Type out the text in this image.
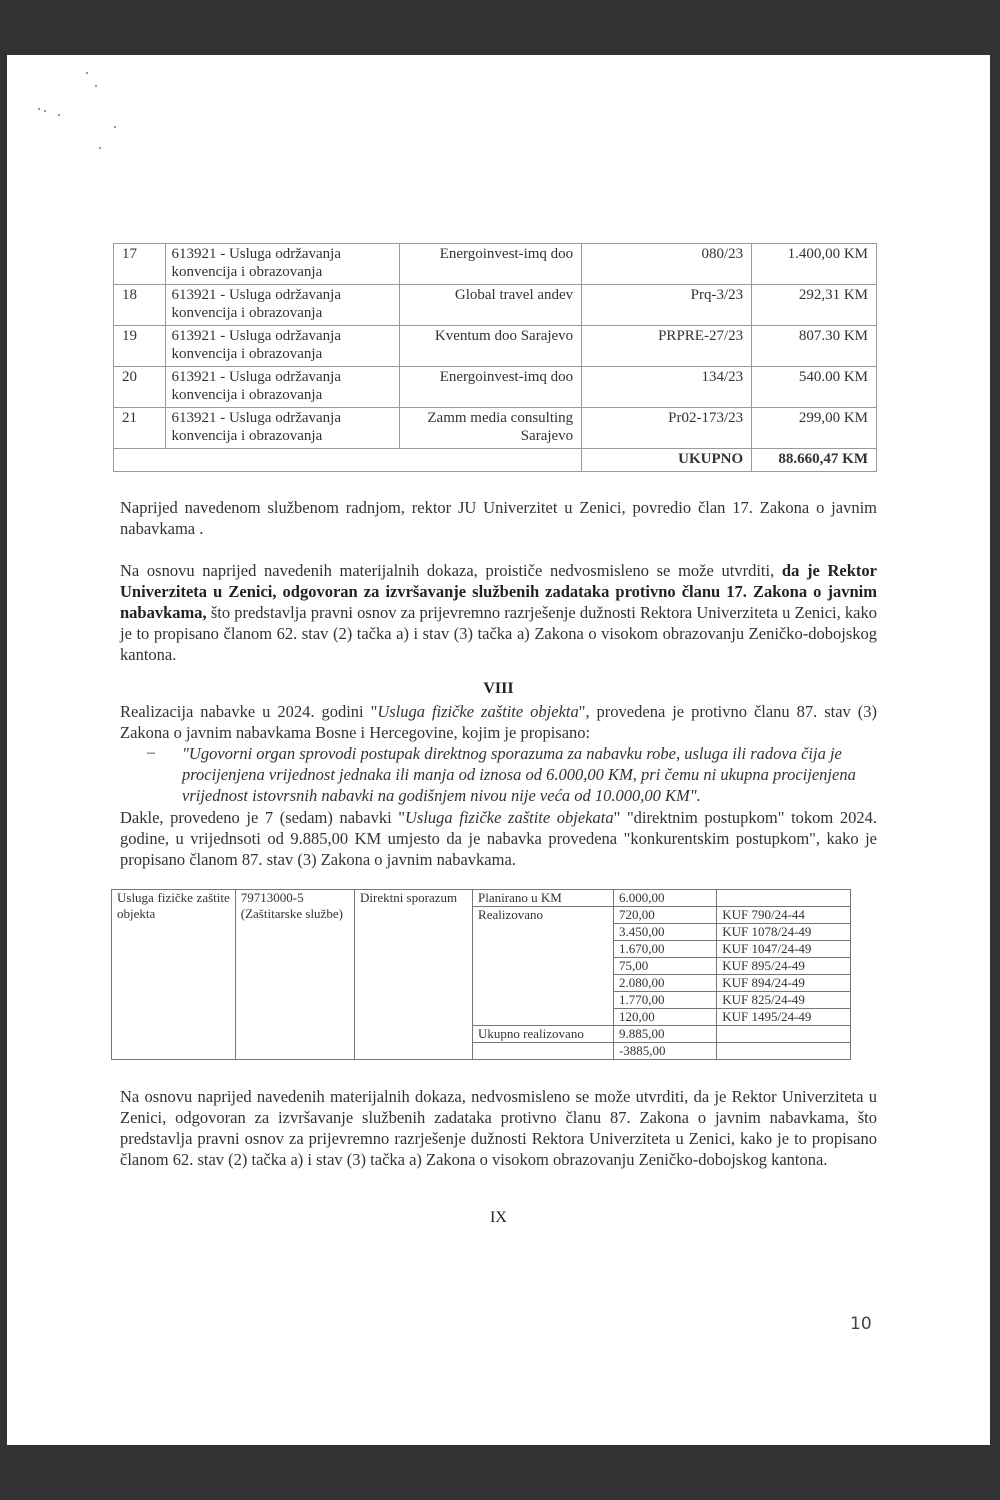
17	613921 - Usluga održavanja
konvencija i obrazovanja	Energoinvest-imq doo	080/23	1.400,00 KM
18	613921 - Usluga održavanja
konvencija i obrazovanja	Global travel andev	Prq-3/23	292,31 KM
19	613921 - Usluga održavanja
konvencija i obrazovanja	Kventum doo Sarajevo	PRPRE-27/23	807.30 KM
20	613921 - Usluga održavanja
konvencija i obrazovanja	Energoinvest-imq doo	134/23	540.00 KM
21	613921 - Usluga održavanja
konvencija i obrazovanja	Zamm media consulting
Sarajevo	Pr02-173/23	299,00 KM
			UKUPNO	88.660,47 KM
Naprijed navedenom službenom radnjom, rektor JU Univerzitet u Zenici, povredio član 17. Zakona o javnim nabavkama .
Na osnovu naprijed navedenih materijalnih dokaza, proističe nedvosmisleno se može utvrditi, da je Rektor Univerziteta u Zenici, odgovoran za izvršavanje službenih zadataka protivno članu 17. Zakona o javnim nabavkama, što predstavlja pravni osnov za prijevremno razrješenje dužnosti Rektora Univerziteta u Zenici, kako je to propisano članom 62. stav (2) tačka a) i stav (3) tačka a) Zakona o visokom obrazovanju Zeničko-dobojskog kantona.
VIII
Realizacija nabavke u 2024. godini "Usluga fizičke zaštite objekta", provedena je protivno članu 87. stav (3) Zakona o javnim nabavkama Bosne i Hercegovine, kojim je propisano:
– "Ugovorni organ sprovodi postupak direktnog sporazuma za nabavku robe, usluga ili radova čija je procijenjena vrijednost jednaka ili manja od iznosa od 6.000,00 KM, pri čemu ni ukupna procijenjena vrijednost istovrsnih nabavki na godišnjem nivou nije veća od 10.000,00 KM".
Dakle, provedeno je 7 (sedam) nabavki "Usluga fizičke zaštite objekata" "direktnim postupkom" tokom 2024. godine, u vrijednsoti od 9.885,00 KM umjesto da je nabavka provedena "konkurentskim postupkom", kako je propisano članom 87. stav (3) Zakona o javnim nabavkama.
Usluga fizičke zaštite objekta	79713000-5 (Zaštitarske službe)	Direktni sporazum	Planirano u KM	6.000,00	
			Realizovano	720,00	KUF 790/24-44
				3.450,00	KUF 1078/24-49
				1.670,00	KUF 1047/24-49
				75,00	KUF 895/24-49
				2.080,00	KUF 894/24-49
				1.770,00	KUF 825/24-49
				120,00	KUF 1495/24-49
			Ukupno realizovano	9.885,00	
				-3885,00	
Na osnovu naprijed navedenih materijalnih dokaza, nedvosmisleno se može utvrditi, da je Rektor Univerziteta u Zenici, odgovoran za izvršavanje službenih zadataka protivno članu 87. Zakona o javnim nabavkama, što predstavlja pravni osnov za prijevremno razrješenje dužnosti Rektora Univerziteta u Zenici, kako je to propisano članom 62. stav (2) tačka a) i stav (3) tačka a) Zakona o visokom obrazovanju Zeničko-dobojskog kantona.
IX
10
